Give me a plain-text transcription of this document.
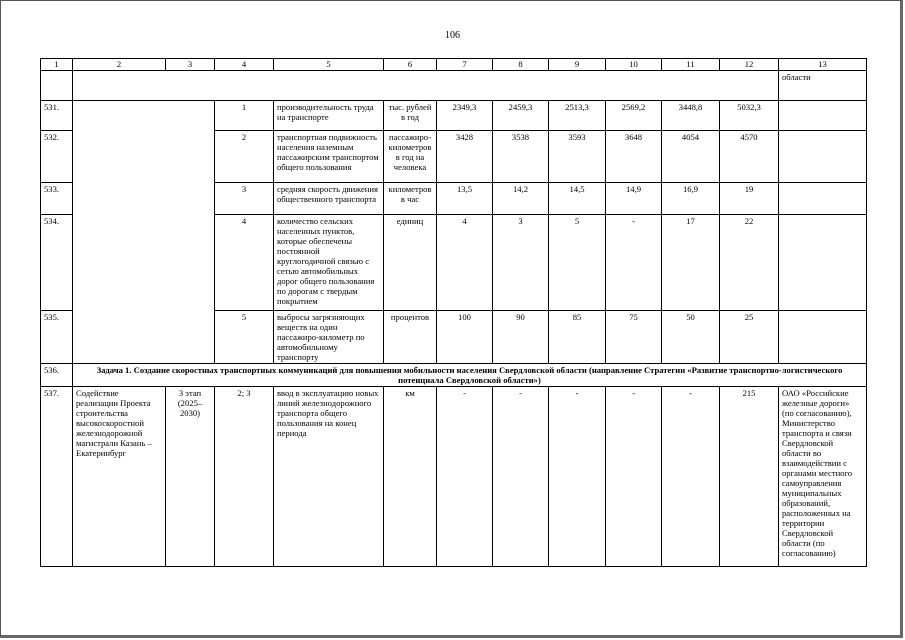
106
1	2	3	4	5	6	7	8	9	10	11	12	13
												области
531.			1	производительность труда на транспорте	тыс. рублей в год	2349,3	2459,3	2513,3	2569,2	3448,8	5032,3	
532.			2	транспортная подвижность населения наземным пассажирским транспортом общего пользования	пассажиро-километров в год на человека	3428	3538	3593	3648	4054	4570	
533.			3	средняя скорость движения общественного транспорта	километров в час	13,5	14,2	14,5	14,9	16,9	19	
534.			4	количество сельских населенных пунктов, которые обеспечены постоянной круглогодичной связью с сетью автомобильных дорог общего пользования по дорогам с твердым покрытием	единиц	4	3	5	-	17	22	
535.			5	выбросы загрязняющих веществ на один пассажиро-километр по автомобильному транспорту	процентов	100	90	85	75	50	25	
536.	Задача 1. Создание скоростных транспортных коммуникаций для повышения мобильности населения Свердловской области (направление Стратегии «Развитие транспортно-логистического потенциала Свердловской области»)											
537.	Содействие реализации Проекта строительства высокоскоростной железнодорожной магистрали Казань – Екатеринбург	3 этап (2025–2030)	2; 3	ввод в эксплуатацию новых линий железнодорожного транспорта общего пользования на конец периода	км	-	-	-	-	-	215	ОАО «Российские железные дороги» (по согласованию), Министерство транспорта и связи Свердловской области во взаимодействии с органами местного самоуправления муниципальных образований, расположенных на территории Свердловской области (по согласованию)
